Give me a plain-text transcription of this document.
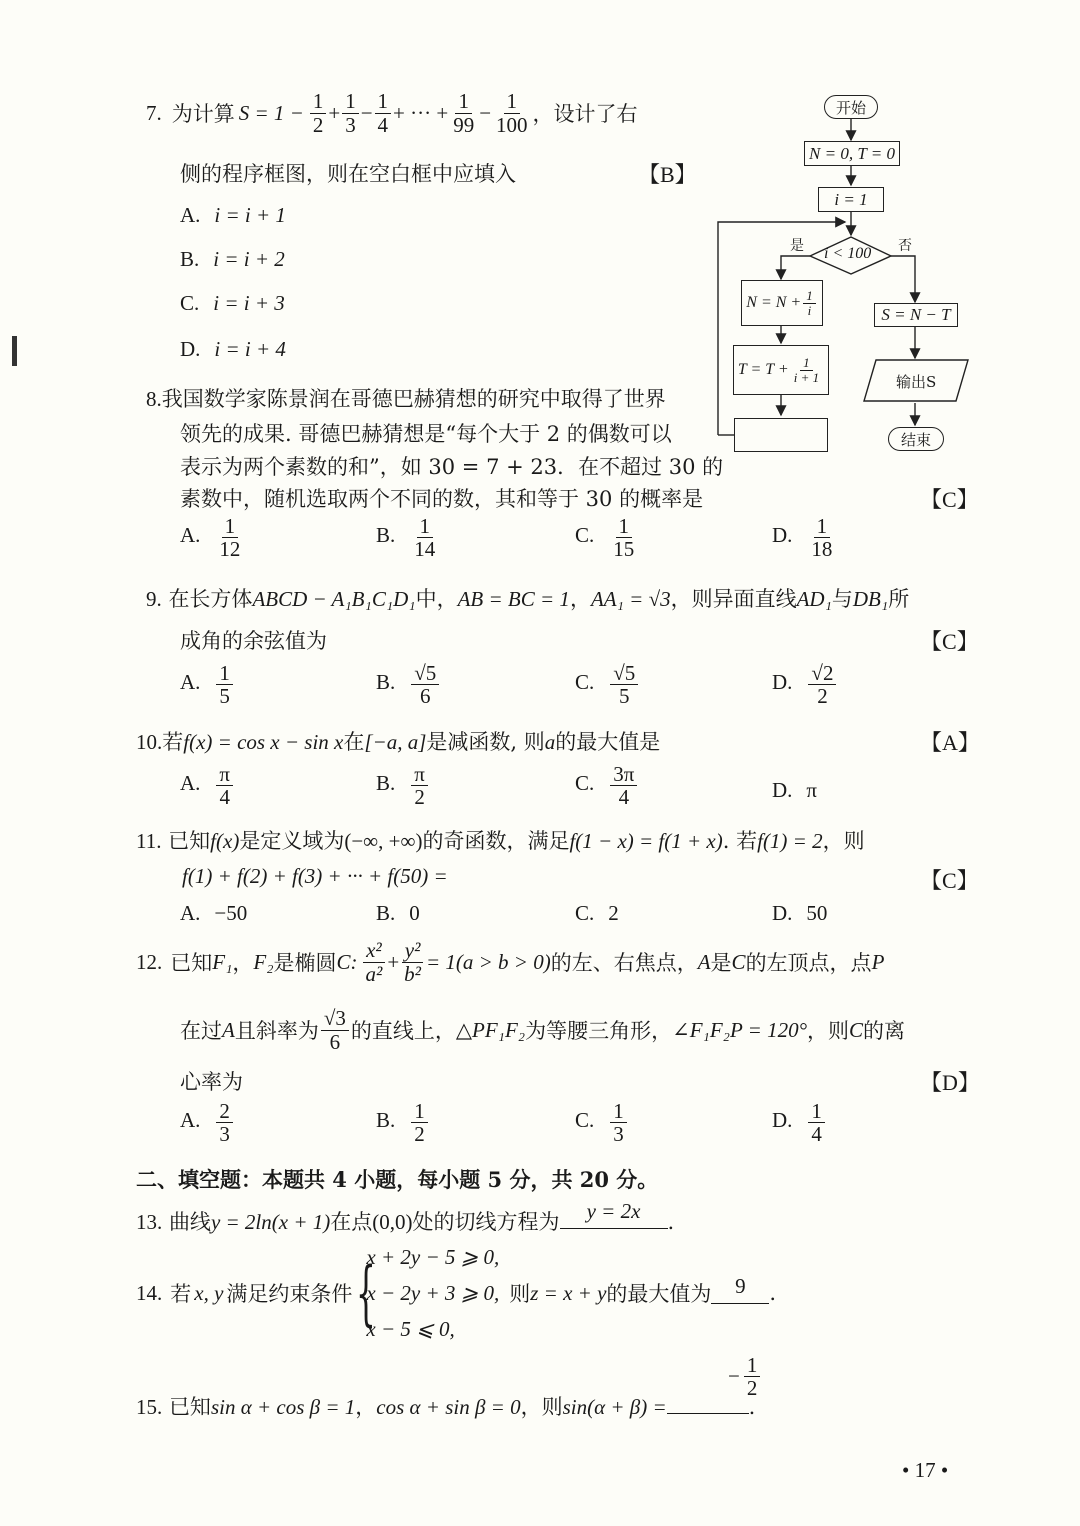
7. 为计算 $S = 1 - \frac{1}{2} + \frac{1}{3} - \frac{1}{4}$ + ··· + $\frac{1}{99} - \frac{1}{100}$ ，设计了右
侧的程序框图，则在空白框中应填入	【B】
A. i = i + 1
B. i = i + 2
C. i = i + 3
D. i = i + 4
开始
N = 0, T = 0
i = 1
i < 100
是	否
$N = N + \frac{1}{i}$
$T = T + \frac{1}{i + 1}$
S = N − T
输出S
结束
8.我国数学家陈景润在哥德巴赫猜想的研究中取得了世界
领先的成果. 哥德巴赫猜想是“每个大于 2 的偶数可以
表示为两个素数的和”，如 30 = 7 + 23．在不超过 30 的
素数中，随机选取两个不同的数，其和等于 30 的概率是	【C】
A. $\frac{1}{12}$	B. $\frac{1}{14}$	C. $\frac{1}{15}$	D. $\frac{1}{18}$
9. 在长方体ABCD − A₁B₁C₁D₁中，AB = BC = 1，AA₁ = √3，则异面直线AD₁与DB₁所
成角的余弦值为	【C】
A. $\frac{1}{5}$	B. $\frac{√5}{6}$	C. $\frac{√5}{5}$	D. $\frac{√2}{2}$
10.若f(x) = cos x − sin x在[−a, a]是减函数, 则a的最大值是	【A】
A. $\frac{\pi}{4}$	B. $\frac{\pi}{2}$	C. $\frac{3\pi}{4}$	D. π
11. 已知f(x)是定义域为(−∞, +∞)的奇函数，满足f(1 − x) = f(1 + x). 若f(1) = 2，则
f(1) + f(2) + f(3) + ··· + f(50) =	【C】
A. −50	B. 0	C. 2	D. 50
12. 已知 F₁ ， F₂ 是椭圆 C: $\frac{\text{x²}}{\text{a²}} + \frac{\text{y²}}{\text{b²}} = 1(a > b > 0)$ 的左、右焦点， A 是 C 的左顶点，点 P
在过 A 且斜率为 $\frac{√3}{6}$ 的直线上， △PF₁F₂ 为等腰三角形， ∠F₁F₂P = 120° ，则 C 的离
心率为	【D】
A. $\frac{2}{3}$	B. $\frac{1}{2}$	C. $\frac{1}{3}$	D. $\frac{1}{4}$
二、填空题：本题共 4 小题，每小题 5 分，共 20 分。
13. 曲线y = 2ln(x + 1)在点(0,0)处的切线方程为	y = 2x	.
14. 若 x, y 满足约束条件 {
x + 2y − 5 ⩾ 0,
x − 2y + 3 ⩾ 0,
x − 5 ⩽ 0,
则 z = x + y 的最大值为	9	.
15. 已知sin α + cos β = 1，cos α + sin β = 0，则sin(α + β) =	.
− $\frac{1}{2}$
• 17 •
